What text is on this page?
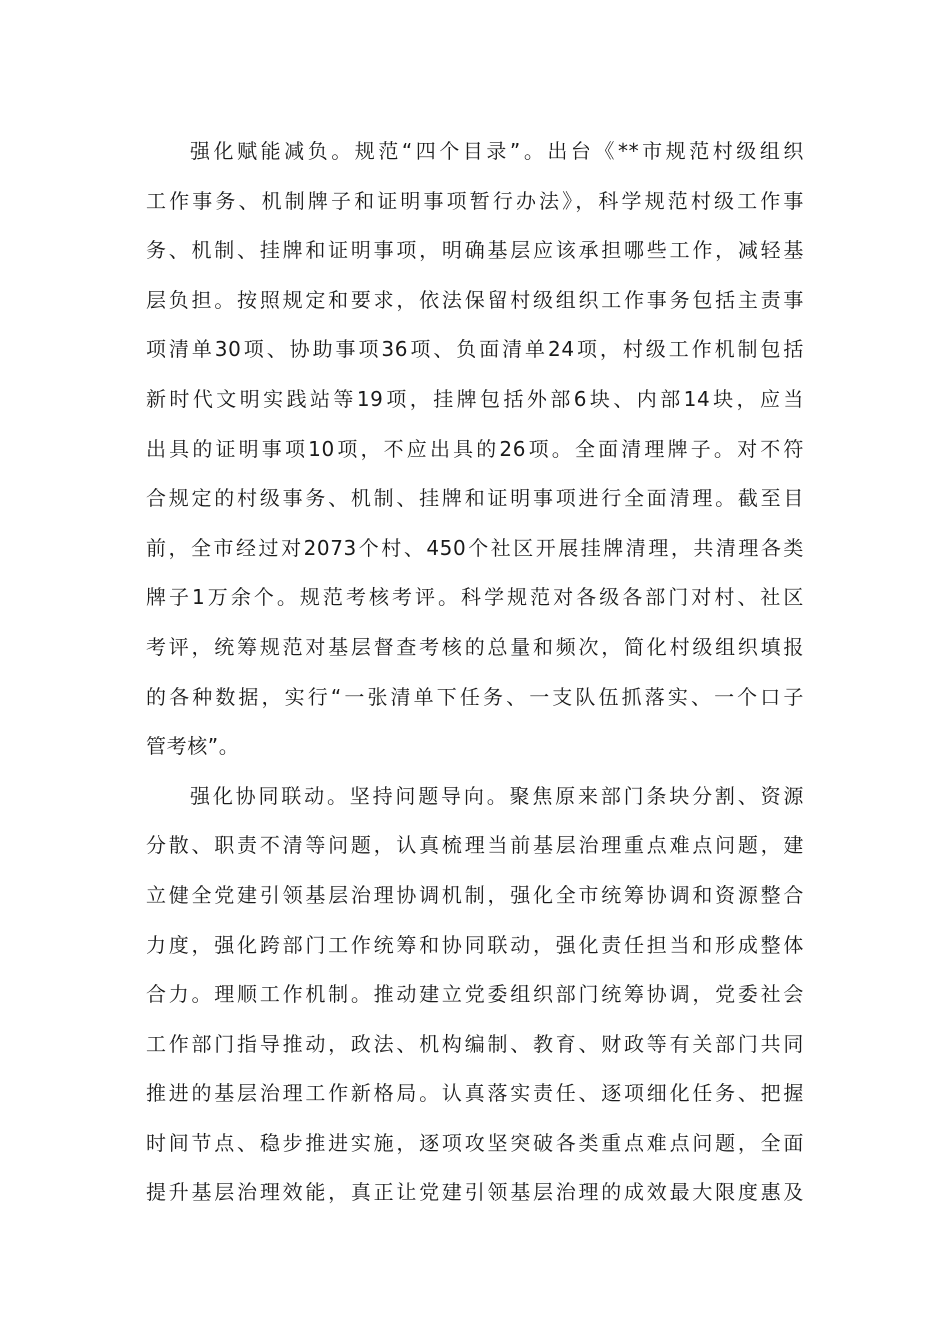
强化赋能减负。规范“四个目录”。出台《**市规范村级组织
工作事务、机制牌子和证明事项暂行办法》，科学规范村级工作事
务、机制、挂牌和证明事项，明确基层应该承担哪些工作，减轻基
层负担。按照规定和要求，依法保留村级组织工作事务包括主责事
项清单30项、协助事项36项、负面清单24项，村级工作机制包括
新时代文明实践站等19项，挂牌包括外部6块、内部14块，应当
出具的证明事项10项，不应出具的26项。全面清理牌子。对不符
合规定的村级事务、机制、挂牌和证明事项进行全面清理。截至目
前，全市经过对2073个村、450个社区开展挂牌清理，共清理各类
牌子1万余个。规范考核考评。科学规范对各级各部门对村、社区
考评，统筹规范对基层督查考核的总量和频次，简化村级组织填报
的各种数据，实行“一张清单下任务、一支队伍抓落实、一个口子
管考核”。
强化协同联动。坚持问题导向。聚焦原来部门条块分割、资源
分散、职责不清等问题，认真梳理当前基层治理重点难点问题，建
立健全党建引领基层治理协调机制，强化全市统筹协调和资源整合
力度，强化跨部门工作统筹和协同联动，强化责任担当和形成整体
合力。理顺工作机制。推动建立党委组织部门统筹协调，党委社会
工作部门指导推动，政法、机构编制、教育、财政等有关部门共同
推进的基层治理工作新格局。认真落实责任、逐项细化任务、把握
时间节点、稳步推进实施，逐项攻坚突破各类重点难点问题，全面
提升基层治理效能，真正让党建引领基层治理的成效最大限度惠及
